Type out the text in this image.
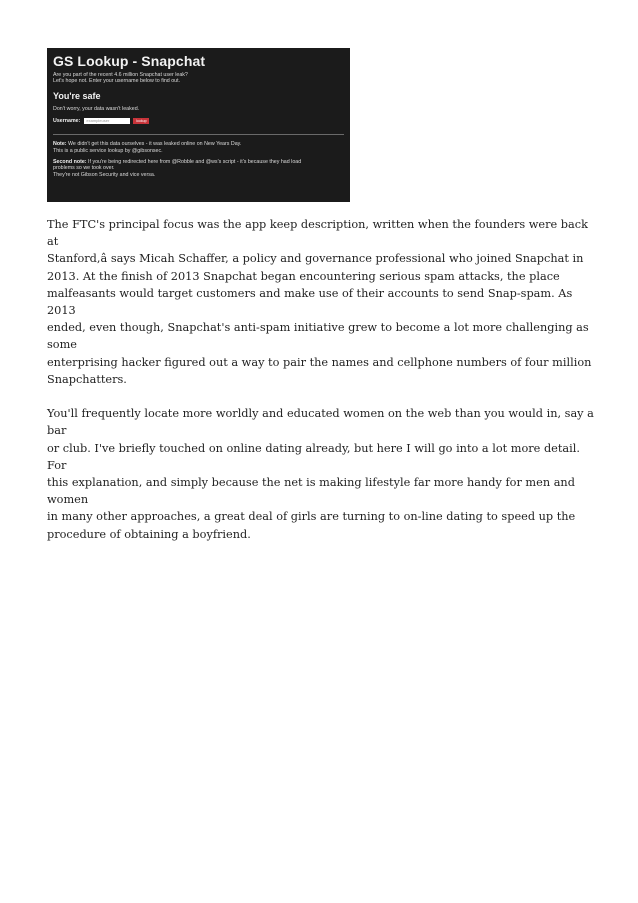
GS Lookup - Snapchat
Are you part of the recent 4.6 million Snapchat user leak?
Let's hope not. Enter your username below to find out.
You're safe
Don't worry, your data wasn't leaked.
Username:	exampleuser	lookup
Note: We didn't get this data ourselves - it was leaked online on New Years Day.
This is a public service lookup by @gibsonsec.
Second note: If you're being redirected here from @Robble and @ws's script - it's because they had load
problems so we took over.
They're not Gibson Security and vice versa.

The FTC's principal focus was the app keep description, written when the founders were back at
Stanford,â says Micah Schaffer, a policy and governance professional who joined Snapchat in
2013. At the finish of 2013 Snapchat began encountering serious spam attacks, the place
malfeasants would target customers and make use of their accounts to send Snap-spam. As 2013
ended, even though, Snapchat's anti-spam initiative grew to become a lot more challenging as some
enterprising hacker figured out a way to pair the names and cellphone numbers of four million
Snapchatters.

You'll frequently locate more worldly and educated women on the web than you would in, say a bar
or club. I've briefly touched on online dating already, but here I will go into a lot more detail. For
this explanation, and simply because the net is making lifestyle far more handy for men and women
in many other approaches, a great deal of girls are turning to on-line dating to speed up the
procedure of obtaining a boyfriend.
